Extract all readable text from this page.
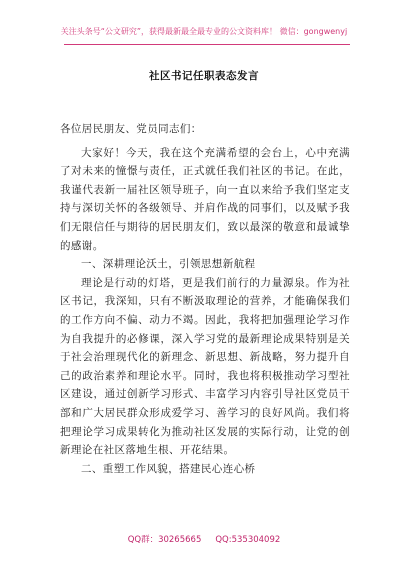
关注头条号“公文研究”，获得最新最全最专业的公文资料库！ 微信：gongwenyj
社区书记任职表态发言

各位居民朋友、党员同志们：

大家好！今天，我在这个充满希望的会台上，心中充满了对未来的憧憬与责任，正式就任我们社区的书记。在此，我谨代表新一届社区领导班子，向一直以来给予我们坚定支持与深切关怀的各级领导、并肩作战的同事们，以及赋予我们无限信任与期待的居民朋友们，致以最深的敬意和最诚挚的感谢。

一、深耕理论沃土，引领思想新航程

理论是行动的灯塔，更是我们前行的力量源泉。作为社区书记，我深知，只有不断汲取理论的营养，才能确保我们的工作方向不偏、动力不竭。因此，我将把加强理论学习作为自我提升的必修课，深入学习党的最新理论成果特别是关于社会治理现代化的新理念、新思想、新战略，努力提升自己的政治素养和理论水平。同时，我也将积极推动学习型社区建设，通过创新学习形式、丰富学习内容引导社区党员干部和广大居民群众形成爱学习、善学习的良好风尚。我们将把理论学习成果转化为推动社区发展的实际行动，让党的创新理论在社区落地生根、开花结果。

二、重塑工作风貌，搭建民心连心桥

QQ群：30265665 QQ:535304092
